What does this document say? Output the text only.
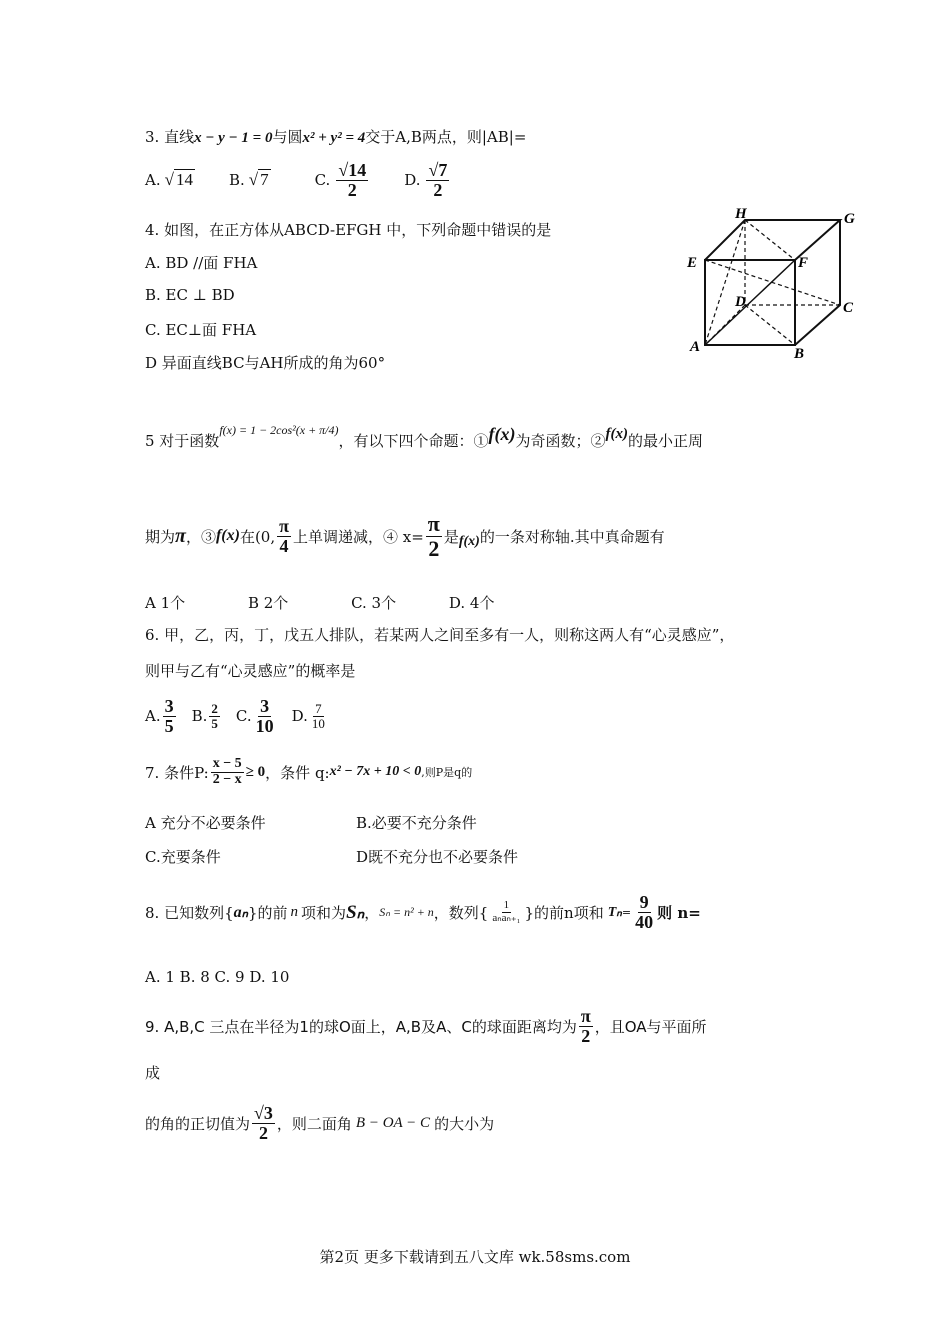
3. 直线x − y − 1 = 0与圆x² + y² = 4交于A,B两点，则|AB|=
A. √ 14 B. √ 7	C. $\frac{√14}{2} D$. $\frac{√7}{2}$
4. 如图，在正方体从ABCD-EFGH 中，下列命题中错误的是
A. BD //面 FHA
B. EC ⊥ BD
C. EC⊥面 FHA
D 异面直线BC与AH所成的角为60°
H	G
E	F
D	C
A	B
5 对于函数
f(x) = 1 − 2cos²(x + π/4)
，有以下四个命题：① f(x) 为奇函数；② f(x) 的最小正周
期为 π ，③ f(x) 在(0, $\frac{\pi}{4}$ 上单调递减，④ $x= \frac{\pi}{2}$ 是 f(x) 的一条对称轴.其中真命题有
A 1个	B 2个	C. 3个	D. 4个
6. 甲，乙，丙，丁，戊五人排队，若某两人之间至多有一人，则称这两人有“心灵感应”，
则甲与乙有“心灵感应”的概率是
A. $\frac{3}{5} B$. $\frac{2}{5} C$. $\frac{3}{10} D$. $\frac{7}{10}$
7. 条件P: $\frac{x - 5}{2 - x} \ge 0$ ，条件 q: x² − 7x + 10 < 0 ,则P是q的
A 充分不必要条件	B.必要不充分条件
C.充要条件	D既不充分也不必要条件
8. 已知数列{ aₙ }的前 n 项和为 Sₙ ， Sₙ = n² + n ，数列{ $\frac{1}{\text{aₙaₙ₊₁}}$ }的前n项和 $T_n = \frac{9}{40}$ 则 n=
A. 1 B. 8 C. 9 D. 10
9. A,B,C 三点在半径为1的球O面上，A,B及A、C的球面距离均为 $\frac{\pi}{2}$ ，且OA与平面所
成
的角的正切值为 $\frac{√3}{2}$ ，则二面角 B − OA − C 的大小为
第2页 更多下载请到五八文库 wk.58sms.com
